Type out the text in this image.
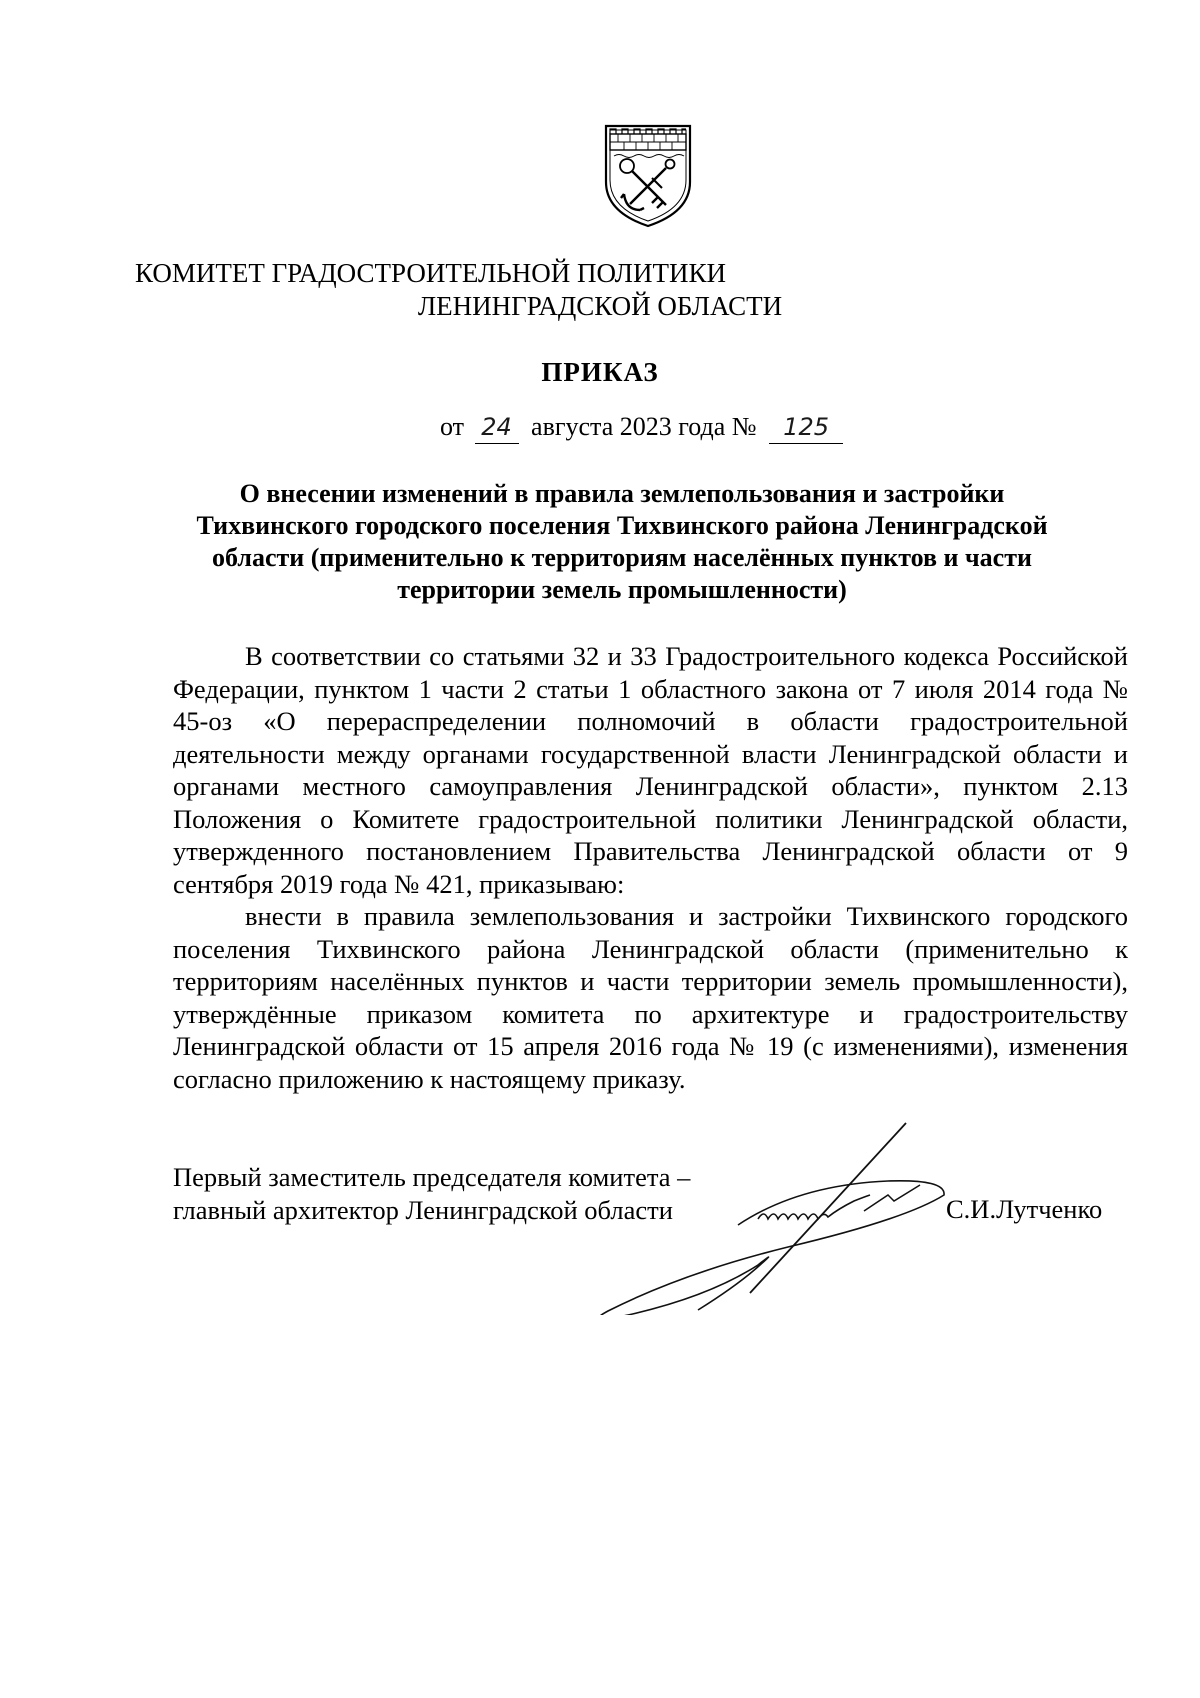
КОМИТЕТ ГРАДОСТРОИТЕЛЬНОЙ ПОЛИТИКИ
ЛЕНИНГРАДСКОЙ ОБЛАСТИ
ПРИКАЗ
от 24 августа 2023 года № 125
О внесении изменений в правила землепользования и застройки Тихвинского городского поселения Тихвинского района Ленинградской области (применительно к территориям населённых пунктов и части территории земель промышленности)
В соответствии со статьями 32 и 33 Градостроительного кодекса Российской Федерации, пунктом 1 части 2 статьи 1 областного закона от 7 июля 2014 года № 45-оз «О перераспределении полномочий в области градостроительной деятельности между органами государственной власти Ленинградской области и органами местного самоуправления Ленинградской области», пунктом 2.13 Положения о Комитете градостроительной политики Ленинградской области, утвержденного постановлением Правительства Ленинградской области от 9 сентября 2019 года № 421, приказываю:
внести в правила землепользования и застройки Тихвинского городского поселения Тихвинского района Ленинградской области (применительно к территориям населённых пунктов и части территории земель промышленности), утверждённые приказом комитета по архитектуре и градостроительству Ленинградской области от 15 апреля 2016 года № 19 (с изменениями), изменения согласно приложению к настоящему приказу.
Первый заместитель председателя комитета –
главный архитектор Ленинградской области	С.И.Лутченко
